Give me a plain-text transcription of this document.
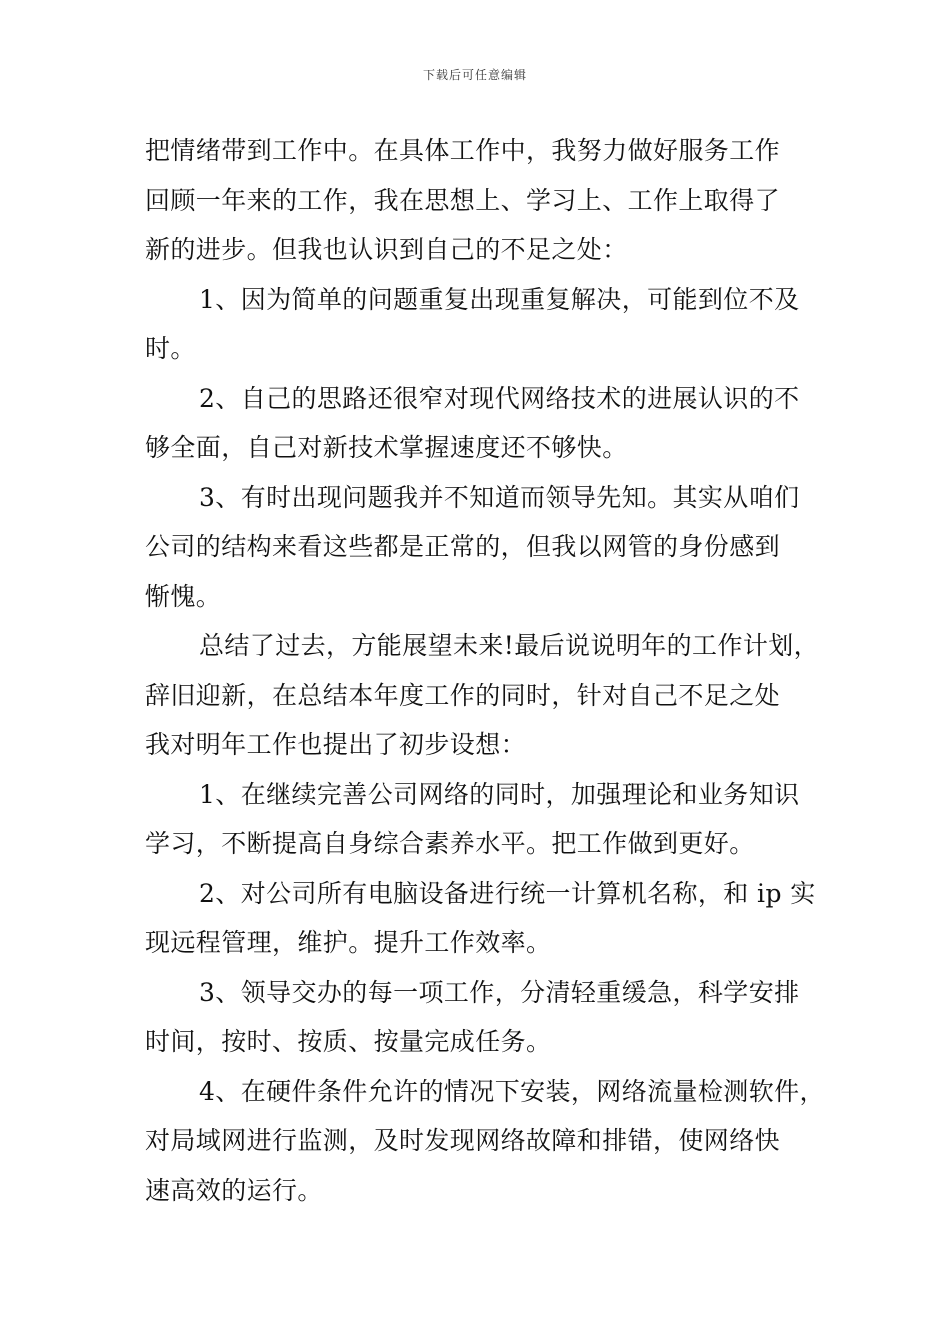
下载后可任意编辑
把情绪带到工作中。在具体工作中，我努力做好服务工作
回顾一年来的工作，我在思想上、学习上、工作上取得了
新的进步。但我也认识到自己的不足之处：
1、因为简单的问题重复出现重复解决，可能到位不及
时。
2、自己的思路还很窄对现代网络技术的进展认识的不
够全面，自己对新技术掌握速度还不够快。
3、有时出现问题我并不知道而领导先知。其实从咱们
公司的结构来看这些都是正常的，但我以网管的身份感到
惭愧。
总结了过去，方能展望未来!最后说说明年的工作计划，
辞旧迎新，在总结本年度工作的同时，针对自己不足之处
我对明年工作也提出了初步设想：
1、在继续完善公司网络的同时，加强理论和业务知识
学习，不断提高自身综合素养水平。把工作做到更好。
2、对公司所有电脑设备进行统一计算机名称，和 ip 实
现远程管理，维护。提升工作效率。
3、领导交办的每一项工作，分清轻重缓急，科学安排
时间，按时、按质、按量完成任务。
4、在硬件条件允许的情况下安装，网络流量检测软件，
对局域网进行监测，及时发现网络故障和排错，使网络快
速高效的运行。
